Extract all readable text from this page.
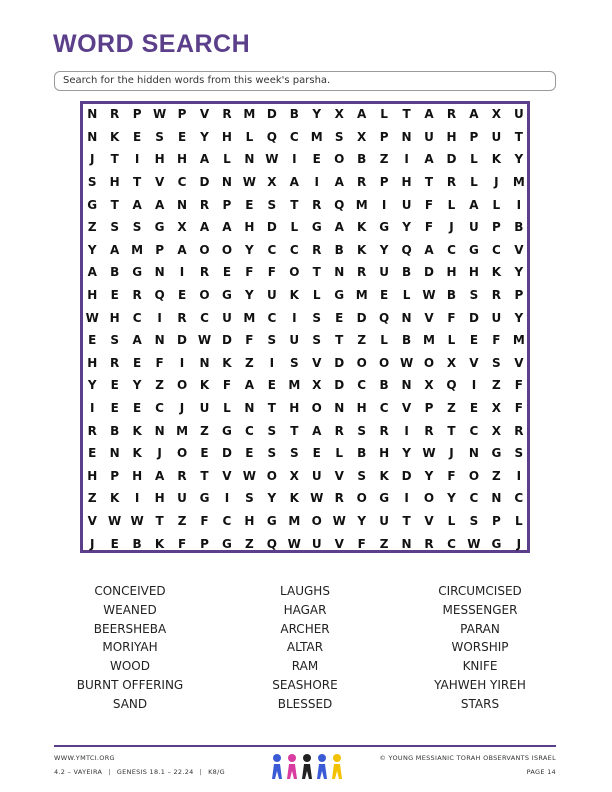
WORD SEARCH
Search for the hidden words from this week's parsha.
N	R	P W P	V	R M D	B	Y	X	A	L	T	A	R	A	X	U
N	K	E	S	E	Y	H	L	Q	C	M	S	X	P	N	U	H	P	U	T
J	T	I	H	H	A	L	N W	I	E	O	B	Z	I	A	D	L	K	Y
S	H	T	V	C	D	N W X	A	I	A	R	P	H	T	R	L	J	M
G	T	A	A	N	R	P	E	S	T	R	Q M	I	U	F	L	A	L	I
Z	S	S	G	X	A	A	H	D	L	G	A	K	G	Y	F	J	U	P	B
Y	A M	P	A	O	O	Y	C	C	R	B	K	Y	Q	A	C	G	C	V
A	B	G	N	I	R	E	F	F	O	T	N	R	U	B	D	H	H	K	Y
H	E	R	Q	E	O	G	Y	U	K	L	G M	E	L	W B	S	R	P
W H	C	I	R	C	U M	C	I	S	E	D	Q	N	V	F	D	U	Y
E	S	A	N	D W D	F	S	U	S	T	Z	L	B M	L	E	F	M
H	R	E	F	I	N	K	Z	I	S	V	D	O	O W O	X	V	S	V
Y	E	Y	Z	O	K	F	A	E	M X	D	C	B	N	X	Q	I	Z	F
I	E	E	C	J	U	L	N	T	H	O	N	H	C	V	P	Z	E	X	F
R	B	K	N M	Z	G	C	S	T	A	R	S	R	I	R	T	C	X	R
E	N	K	J	O	E	D	E	S	S	E	L	B	H	Y W	J	N	G	S
H	P	H	A	R	T	V W O	X	U	V	S	K	D	Y	F	O	Z	I
Z	K	I	H	U	G	I	S	Y	K W R	O	G	I	O	Y	C	N	C
V W W T	Z	F	C	H	G M O W Y	U	T	V	L	S	P	L
J	E	B	K	F	P	G	Z	Q W U	V	F	Z	N	R	C W G	J
CONCEIVED	LAUGHS	CIRCUMCISED
WEANED	HAGAR	MESSENGER
BEERSHEBA	ARCHER	PARAN
MORIYAH	ALTAR	WORSHIP
WOOD	RAM	KNIFE
BURNT OFFERING	SEASHORE	YAHWEH YIREH
SAND	BLESSED	STARS
WWW.YMTCI.ORG
4.2 – VAYEIRA | GENESIS 18.1 – 22.24 | K8/G
© YOUNG MESSIANIC TORAH OBSERVANTS ISRAEL
PAGE 14
